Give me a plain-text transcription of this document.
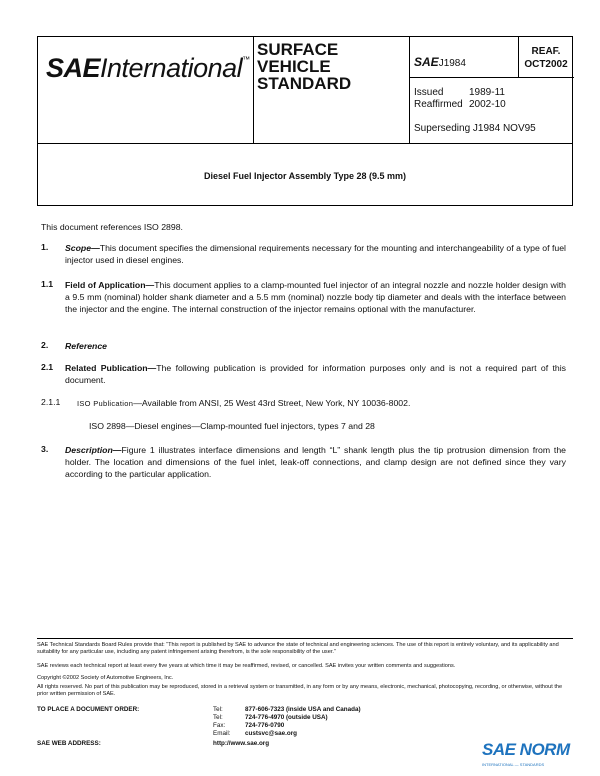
SAEInternational™
SURFACE
VEHICLE
STANDARD
SAEJ1984
REAF.
OCT2002
Issued	1989-11
Reaffirmed 2002-10
Superseding J1984 NOV95
Diesel Fuel Injector Assembly Type 28 (9.5 mm)
This document references ISO 2898.
1. Scope—This document specifies the dimensional requirements necessary for the mounting and interchangeability of a type of fuel injector used in diesel engines.
1.1 Field of Application—This document applies to a clamp-mounted fuel injector of an integral nozzle and nozzle holder design with a 9.5 mm (nominal) holder shank diameter and a 5.5 mm (nominal) nozzle body tip diameter and deals with the interface between the injector and the engine. The internal construction of the injector remains optional with the manufacturer.
2. Reference
2.1 Related Publication—The following publication is provided for information purposes only and is not a required part of this document.
2.1.1 ISO Publication—Available from ANSI, 25 West 43rd Street, New York, NY 10036-8002.
ISO 2898—Diesel engines—Clamp-mounted fuel injectors, types 7 and 28
3. Description—Figure 1 illustrates interface dimensions and length “L” shank length plus the tip protrusion dimension from the holder. The location and dimensions of the fuel inlet, leak-off connections, and clamp design are not defined since they vary according to the particular application.
SAE Technical Standards Board Rules provide that: “This report is published by SAE to advance the state of technical and engineering sciences. The use of this report is entirely voluntary, and its applicability and suitability for any particular use, including any patent infringement arising therefrom, is the sole responsibility of the user.”
SAE reviews each technical report at least every five years at which time it may be reaffirmed, revised, or cancelled. SAE invites your written comments and suggestions.
Copyright ©2002 Society of Automotive Engineers, Inc.
All rights reserved. No part of this publication may be reproduced, stored in a retrieval system or transmitted, in any form or by any means, electronic, mechanical, photocopying, recording, or otherwise, without the prior written permission of SAE.
TO PLACE A DOCUMENT ORDER:	Tel:	877-606-7323 (inside USA and Canada)
Tel:	724-776-4970 (outside USA)
Fax:	724-776-0790
Email: custsvc@sae.org
SAE WEB ADDRESS:	http://www.sae.org	SAE NORM
INTERNATIONAL — STANDARDS
